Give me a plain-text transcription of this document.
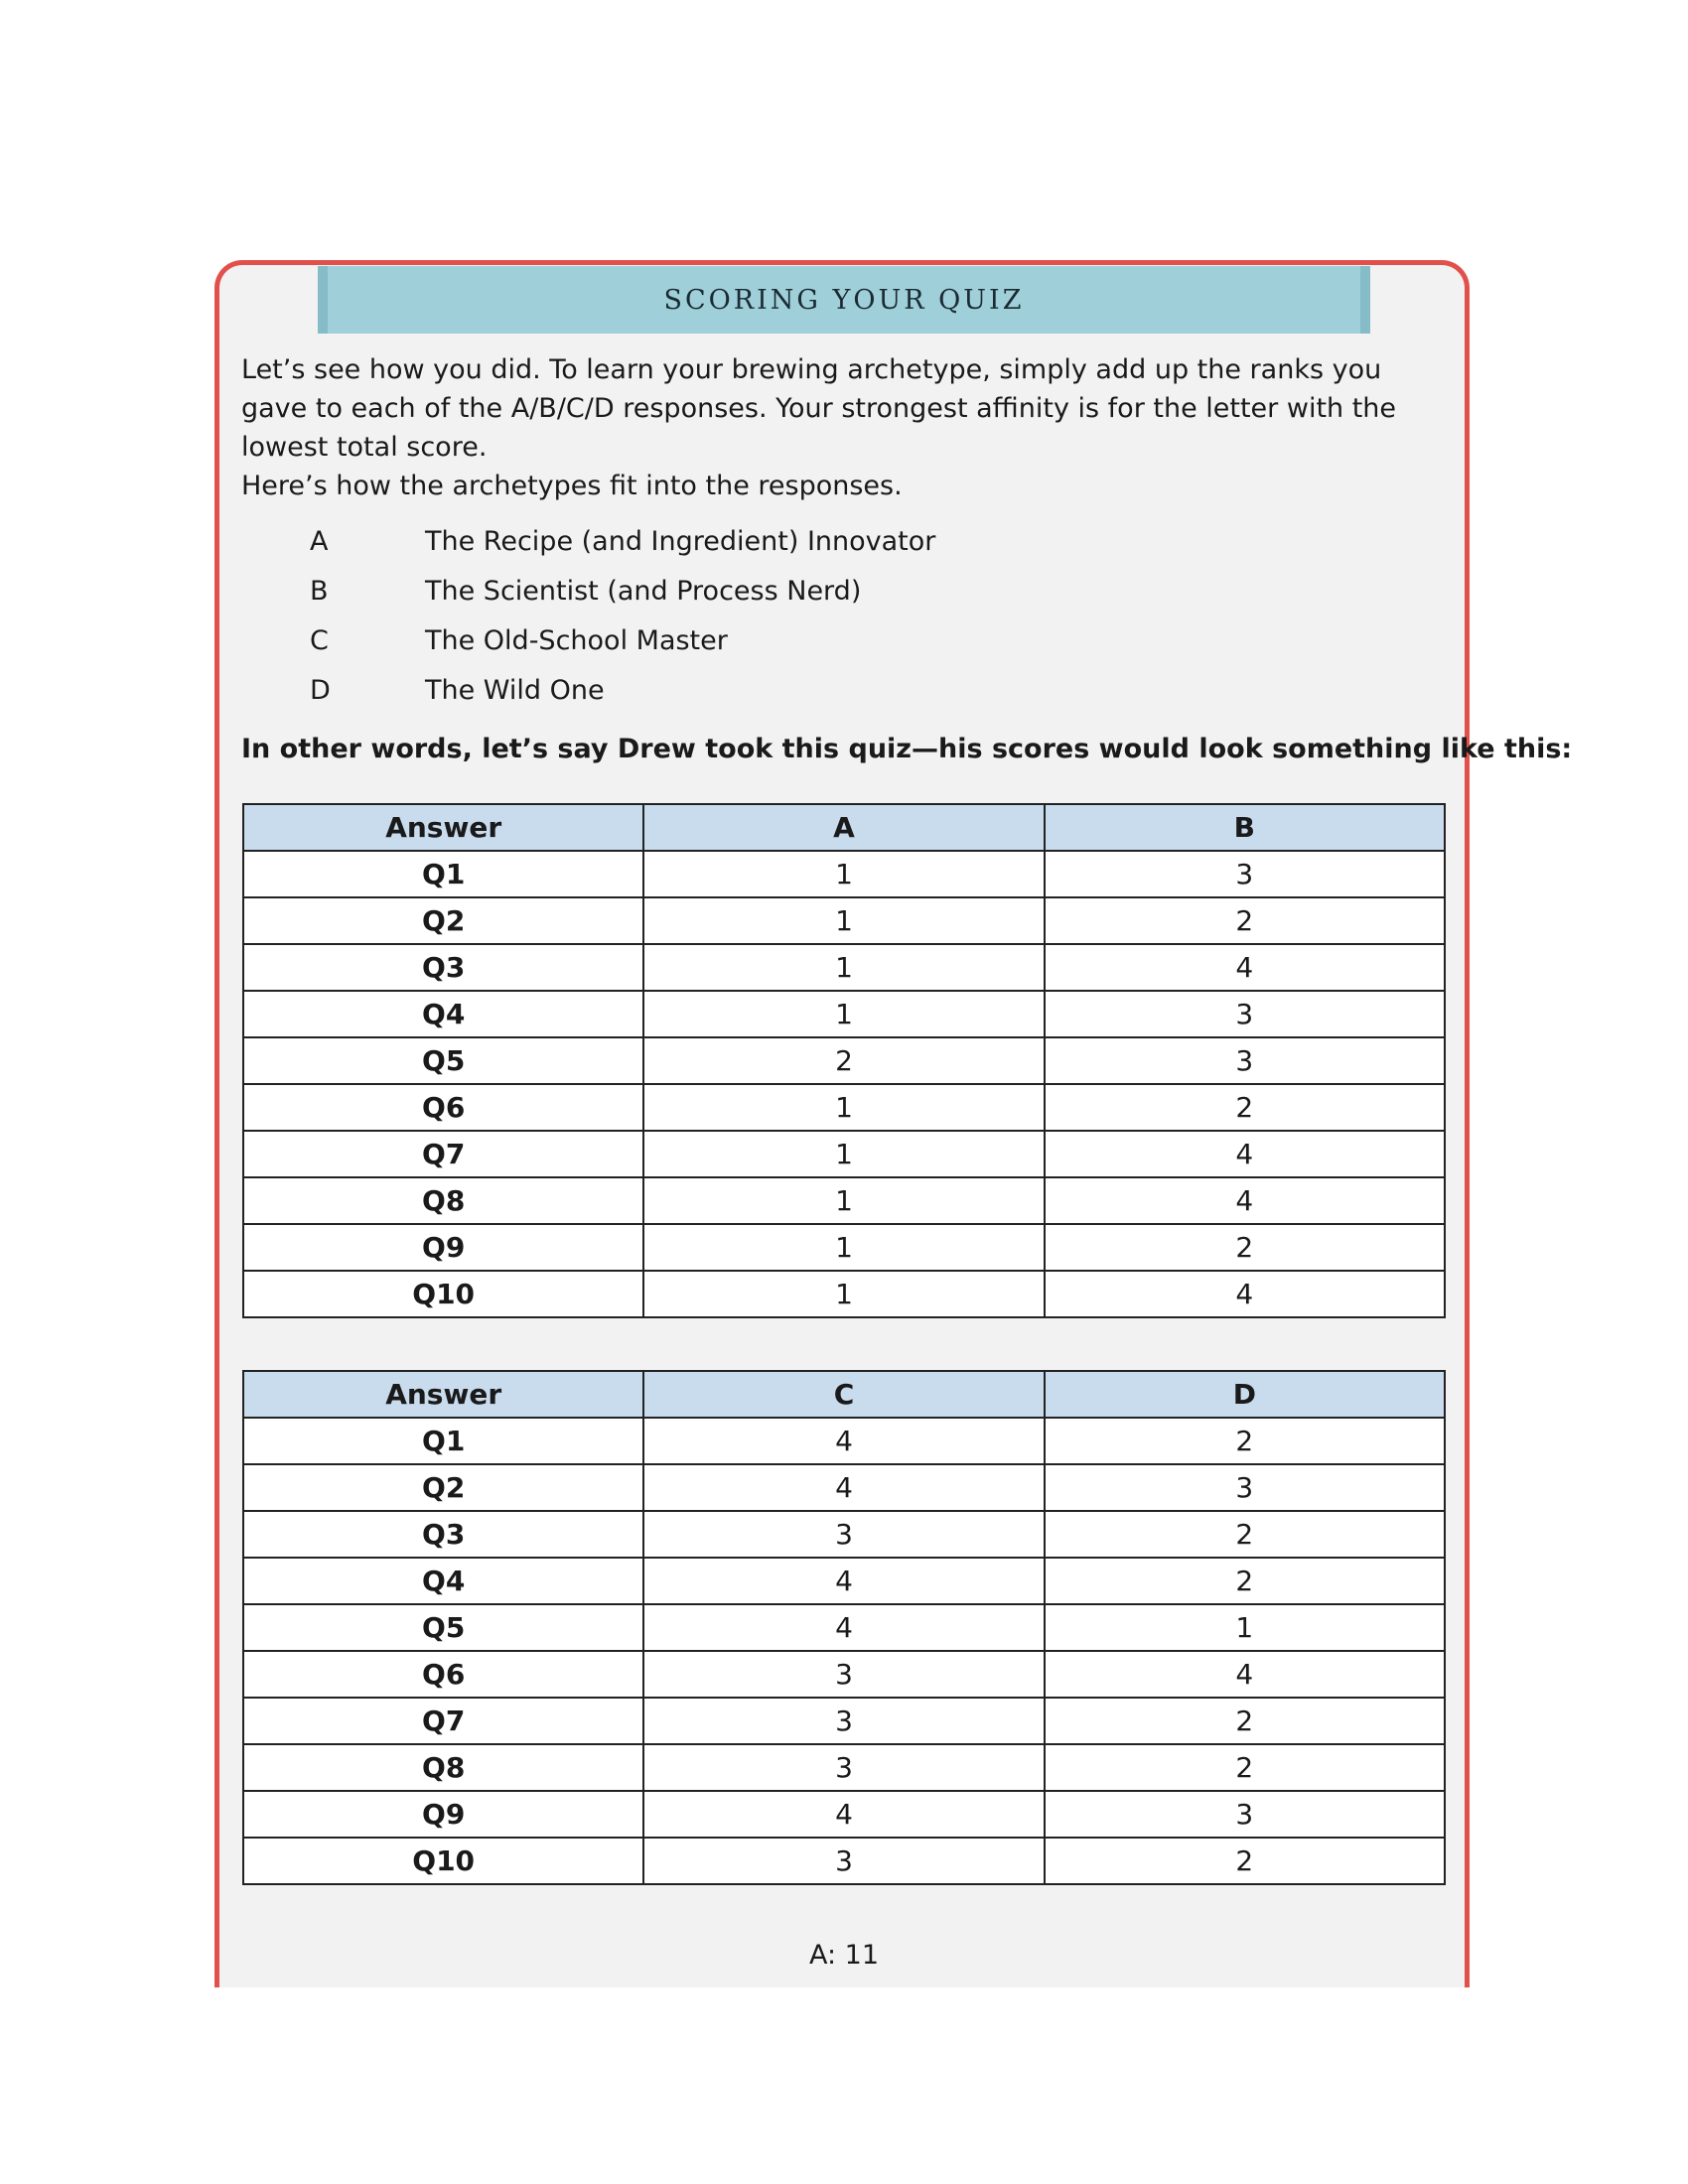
SCORING YOUR QUIZ

Let’s see how you did. To learn your brewing archetype, simply add up the ranks you gave to each of the A/B/C/D responses. Your strongest affinity is for the letter with the lowest total score.

Here’s how the archetypes fit into the responses.

A	The Recipe (and Ingredient) Innovator
B	The Scientist (and Process Nerd)
C	The Old-School Master
D	The Wild One

In other words, let’s say Drew took this quiz—his scores would look something like this:

Answer	A	B
Q1	1	3
Q2	1	2
Q3	1	4
Q4	1	3
Q5	2	3
Q6	1	2
Q7	1	4
Q8	1	4
Q9	1	2
Q10	1	4
Answer	C	D
Q1	4	2
Q2	4	3
Q3	3	2
Q4	4	2
Q5	4	1
Q6	3	4
Q7	3	2
Q8	3	2
Q9	4	3
Q10	3	2
A: 11
